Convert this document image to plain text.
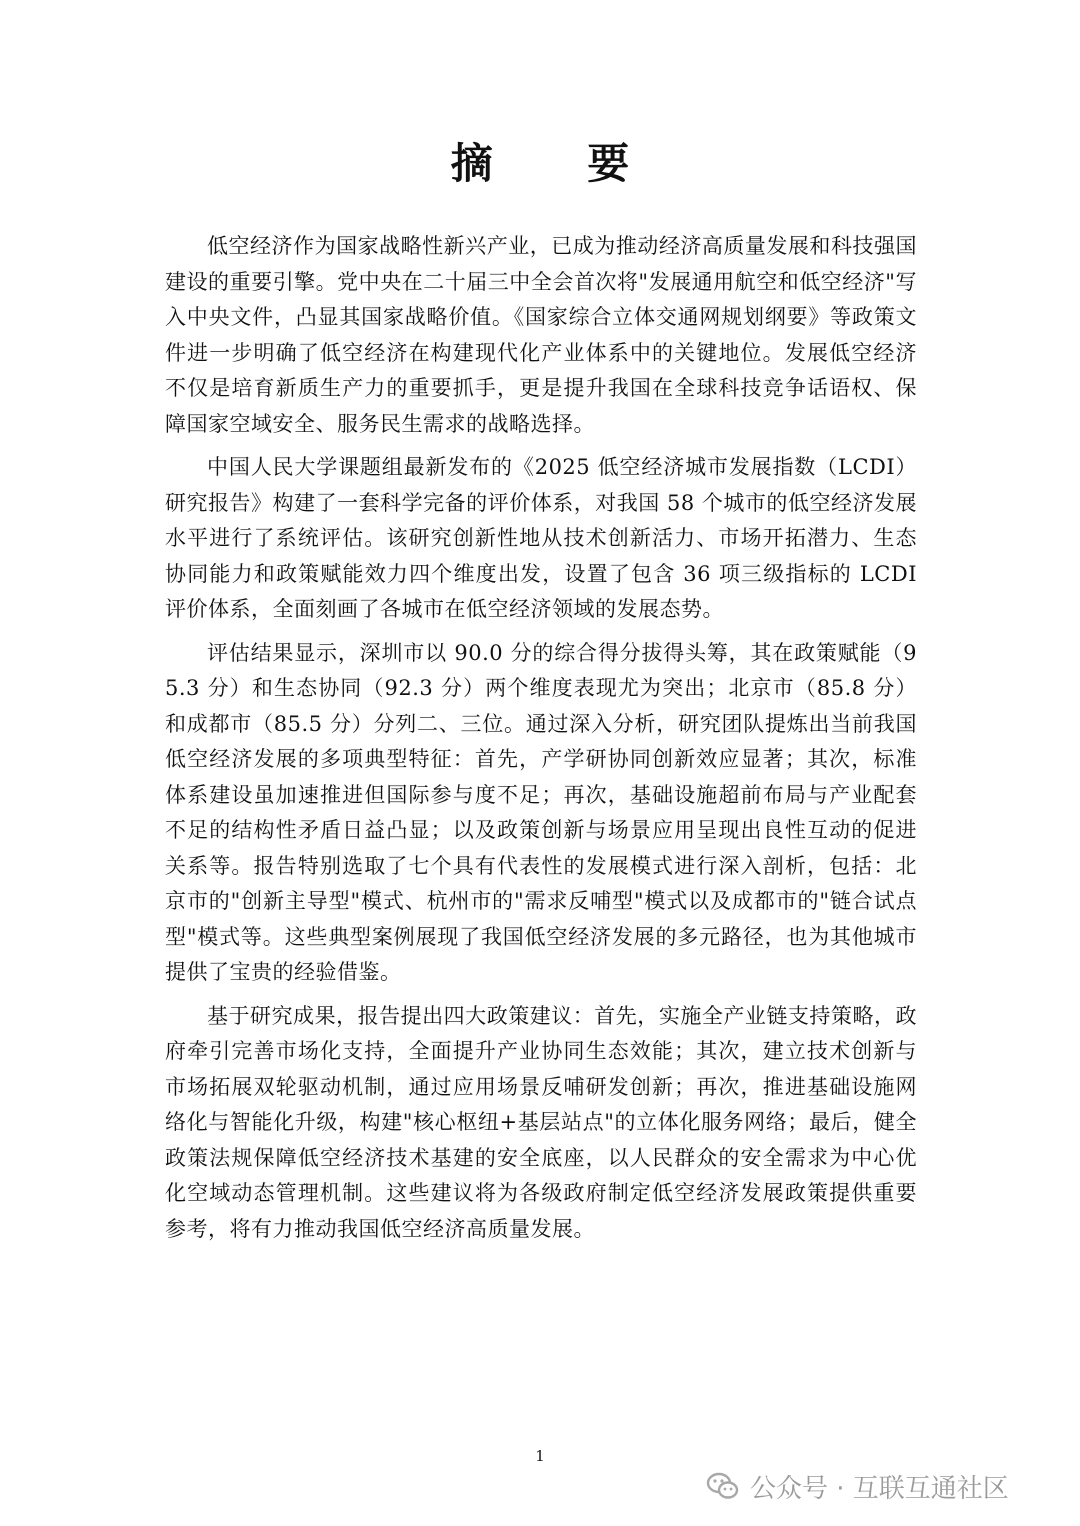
摘 要

低空经济作为国家战略性新兴产业，已成为推动经济高质量发展和科技强国建设的重要引擎。党中央在二十届三中全会首次将"发展通用航空和低空经济"写入中央文件，凸显其国家战略价值。《国家综合立体交通网规划纲要》等政策文件进一步明确了低空经济在构建现代化产业体系中的关键地位。发展低空经济不仅是培育新质生产力的重要抓手，更是提升我国在全球科技竞争话语权、保障国家空域安全、服务民生需求的战略选择。

中国人民大学课题组最新发布的《2025 低空经济城市发展指数（LCDI）研究报告》构建了一套科学完备的评价体系，对我国 58 个城市的低空经济发展水平进行了系统评估。该研究创新性地从技术创新活力、市场开拓潜力、生态协同能力和政策赋能效力四个维度出发，设置了包含 36 项三级指标的 LCDI 评价体系，全面刻画了各城市在低空经济领域的发展态势。

评估结果显示，深圳市以 90.0 分的综合得分拔得头筹，其在政策赋能（95.3 分）和生态协同（92.3 分）两个维度表现尤为突出；北京市（85.8 分）和成都市（85.5 分）分列二、三位。通过深入分析，研究团队提炼出当前我国低空经济发展的多项典型特征：首先，产学研协同创新效应显著；其次，标准体系建设虽加速推进但国际参与度不足；再次，基础设施超前布局与产业配套不足的结构性矛盾日益凸显；以及政策创新与场景应用呈现出良性互动的促进关系等。报告特别选取了七个具有代表性的发展模式进行深入剖析，包括：北京市的"创新主导型"模式、杭州市的"需求反哺型"模式以及成都市的"链合试点型"模式等。这些典型案例展现了我国低空经济发展的多元路径，也为其他城市提供了宝贵的经验借鉴。

基于研究成果，报告提出四大政策建议：首先，实施全产业链支持策略，政府牵引完善市场化支持，全面提升产业协同生态效能；其次，建立技术创新与市场拓展双轮驱动机制，通过应用场景反哺研发创新；再次，推进基础设施网络化与智能化升级，构建"核心枢纽+基层站点"的立体化服务网络；最后，健全政策法规保障低空经济技术基建的安全底座，以人民群众的安全需求为中心优化空域动态管理机制。这些建议将为各级政府制定低空经济发展政策提供重要参考，将有力推动我国低空经济高质量发展。

1
公众号 · 互联互通社区
